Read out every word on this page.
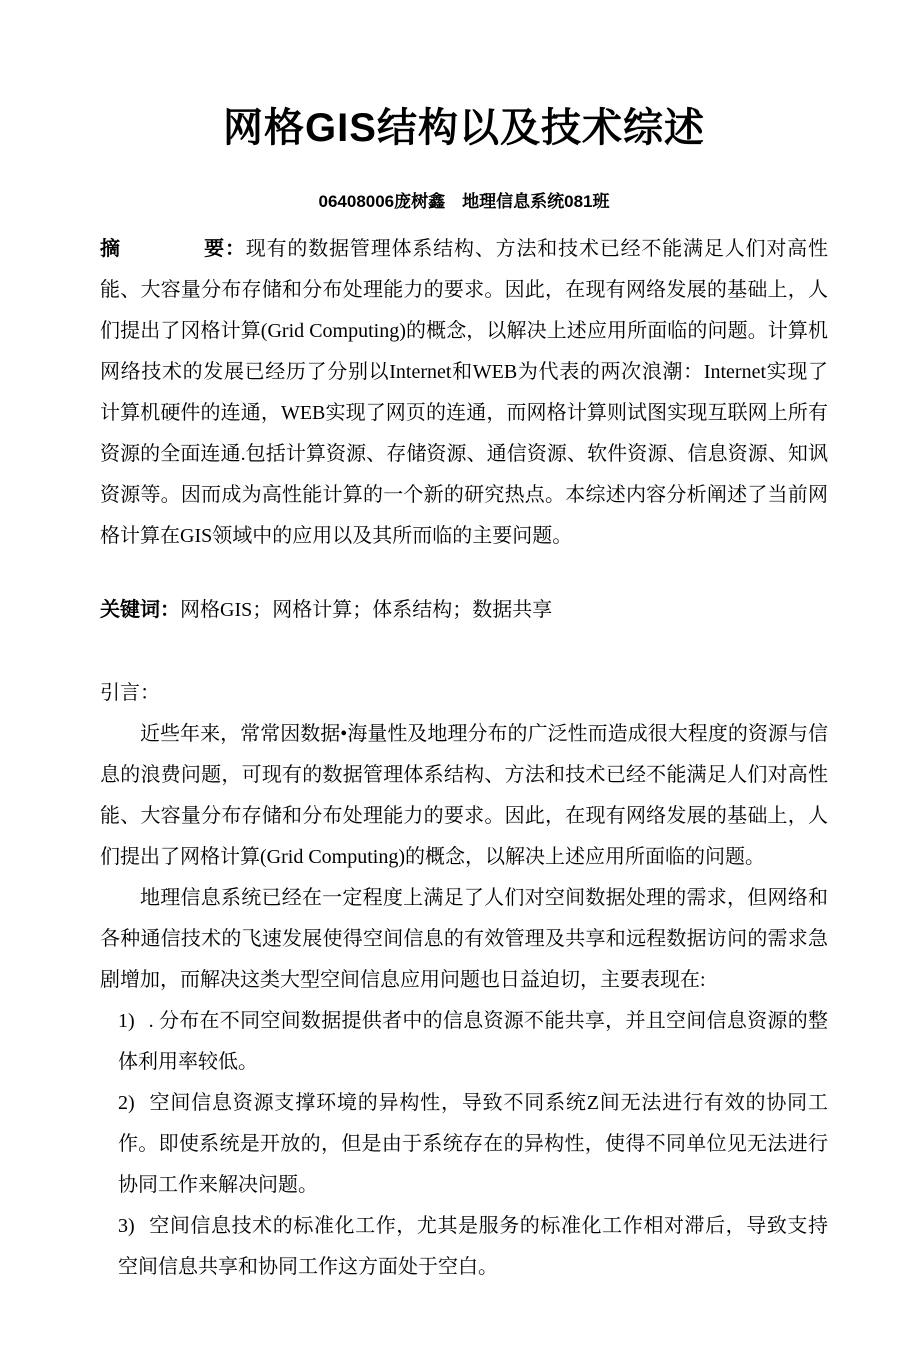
网格GIS结构以及技术综述
06408006庞树鑫　地理信息系统081班

摘　　　　要：现有的数据管理体系结构、方法和技术已经不能满足人们对高性能、大容量分布存储和分布处理能力的要求。因此，在现有网络发展的基础上，人们提出了冈格计算(Grid Computing)的概念，以解决上述应用所面临的问题。计算机网络技术的发展已经历了分别以Internet和WEB为代表的两次浪潮：Internet实现了计算机硬件的连通，WEB实现了网页的连通，而网格计算则试图实现互联网上所有资源的全面连通.包括计算资源、存储资源、通信资源、软件资源、信息资源、知讽资源等。因而成为高性能计算的一个新的研究热点。本综述内容分析阐述了当前网格计算在GIS领域中的应用以及其所而临的主要问题。

关键词：网格GIS；网格计算；体系结构；数据共享

引言：

近些年来，常常因数据•海量性及地理分布的广泛性而造成很大程度的资源与信息的浪费问题，可现有的数据管理体系结构、方法和技术已经不能满足人们对高性能、大容量分布存储和分布处理能力的要求。因此，在现有网络发展的基础上，人们提出了网格计算(Grid Computing)的概念，以解决上述应用所面临的问题。

地理信息系统已经在一定程度上满足了人们对空间数据处理的需求，但网络和各种通信技术的飞速发展使得空间信息的有效管理及共享和远程数据访问的需求急剧增加，而解决这类大型空间信息应用问题也日益迫切，主要表现在:

1) . 分布在不同空间数据提供者中的信息资源不能共享，并且空间信息资源的整体利用率较低。
2) 空间信息资源支撑环境的异构性，导致不同系统Z间无法进行有效的协同工作。即使系统是开放的，但是由于系统存在的异构性，使得不同单位见无法进行协同工作来解决问题。
3) 空间信息技术的标准化工作，尤其是服务的标准化工作相对滞后，导致支持空间信息共享和协同工作这方面处于空白。
